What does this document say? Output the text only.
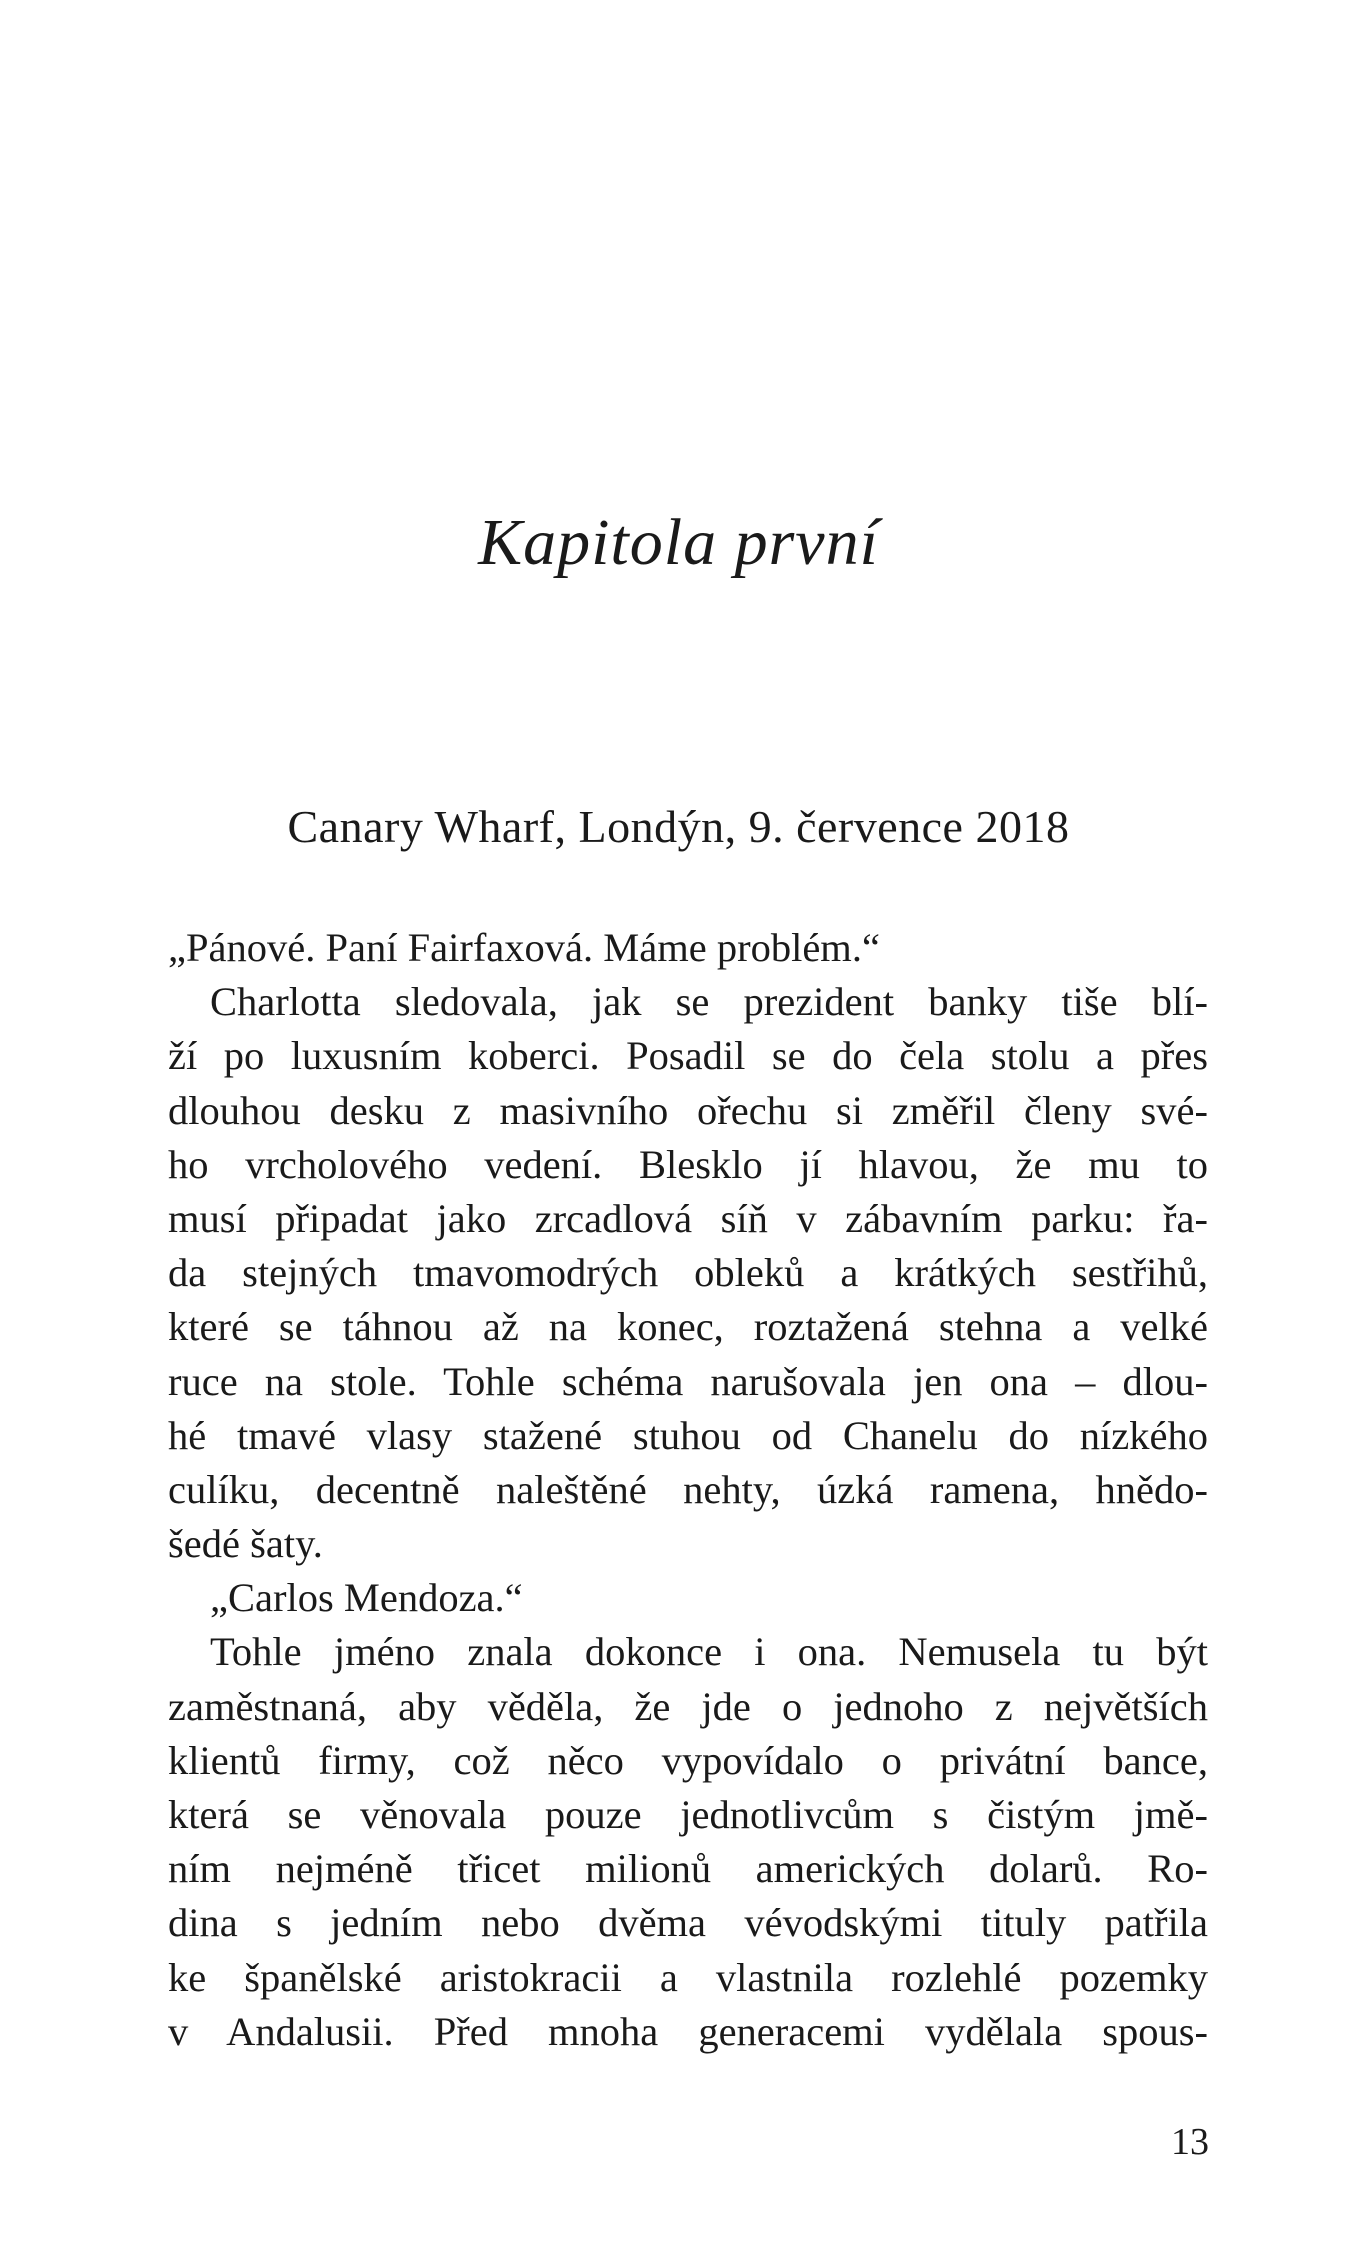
Kapitola první
Canary Wharf, Londýn, 9. července 2018
„Pánové. Paní Fairfaxová. Máme problém.“
Charlotta sledovala, jak se prezident banky tiše blí-
ží po luxusním koberci. Posadil se do čela stolu a přes
dlouhou desku z masivního ořechu si změřil členy své-
ho vrcholového vedení. Blesklo jí hlavou, že mu to
musí připadat jako zrcadlová síň v zábavním parku: řa-
da stejných tmavomodrých obleků a krátkých sestřihů,
které se táhnou až na konec, roztažená stehna a velké
ruce na stole. Tohle schéma narušovala jen ona – dlou-
hé tmavé vlasy stažené stuhou od Chanelu do nízkého
culíku, decentně naleštěné nehty, úzká ramena, hnědo-
šedé šaty.
„Carlos Mendoza.“
Tohle jméno znala dokonce i ona. Nemusela tu být
zaměstnaná, aby věděla, že jde o jednoho z největších
klientů firmy, což něco vypovídalo o privátní bance,
která se věnovala pouze jednotlivcům s čistým jmě-
ním nejméně třicet milionů amerických dolarů. Ro-
dina s jedním nebo dvěma vévodskými tituly patřila
ke španělské aristokracii a vlastnila rozlehlé pozemky
v Andalusii. Před mnoha generacemi vydělala spous-
13
